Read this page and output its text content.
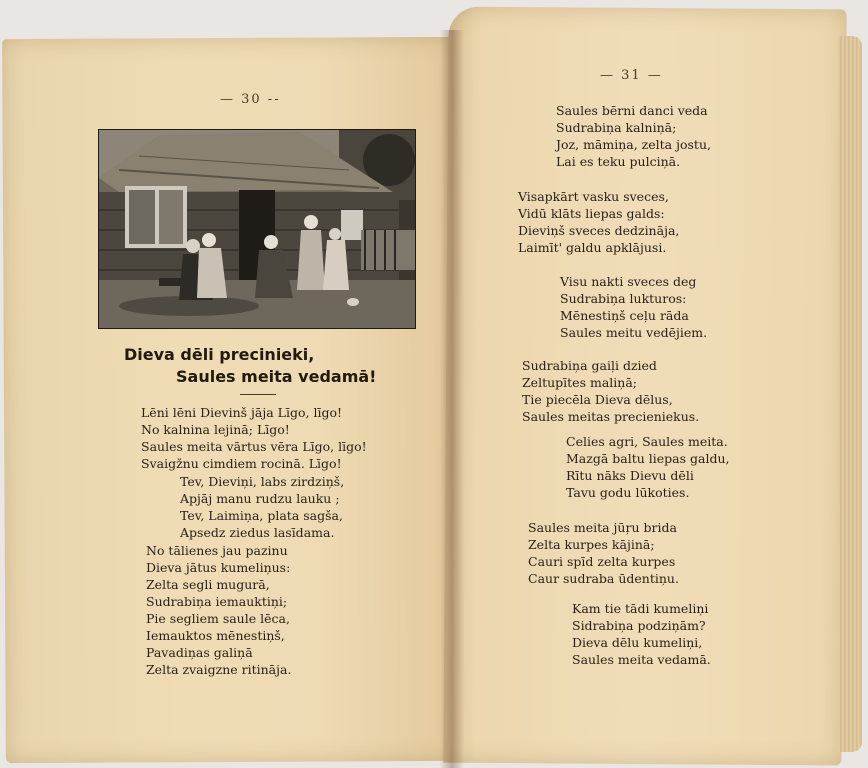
— 30 --
— 31 —
Dieva dēli precinieki,
Saules meita vedamā!
Lēni lēni Dievinš jāja Līgo, līgo!
No kalnina lejinā; Līgo!
Saules meita vārtus vēra Līgo, līgo!
Svaigžnu cimdiem rocinā. Līgo!
Tev, Dieviņi, labs zirdziņš,
Apjāj manu rudzu lauku ;
Tev, Laimiņa, plata sagša,
Apsedz ziedus lasīdama.
No tālienes jau pazinu
Dieva jātus kumeliņus:
Zelta segli mugurā,
Sudrabiņa iemauktiņi;
Pie segliem saule lēca,
Iemauktos mēnestiņš,
Pavadiņas galiņā
Zelta zvaigzne ritināja.
Saules bērni danci veda
Sudrabiņa kalniņā;
Joz, māmiņa, zelta jostu,
Lai es teku pulciņā.
Visapkārt vasku sveces,
Vidū klāts liepas galds:
Dieviņš sveces dedzināja,
Laimīt' galdu apklājusi.
Visu nakti sveces deg
Sudrabiņa lukturos:
Mēnestiņš ceļu rāda
Saules meitu vedējiem.
Sudrabiņa gaiļi dzied
Zeltupītes maliņā;
Tie piecēla Dieva dēlus,
Saules meitas precieniekus.
Celies agri, Saules meita.
Mazgā baltu liepas galdu,
Rītu nāks Dievu dēli
Tavu godu lūkoties.
Saules meita jūŗu brida
Zelta kurpes kājinā;
Cauri spīd zelta kurpes
Caur sudraba ūdentiņu.
Kam tie tādi kumeliņi
Sidrabiņa podziņām?
Dieva dēlu kumeliņi,
Saules meita vedamā.
